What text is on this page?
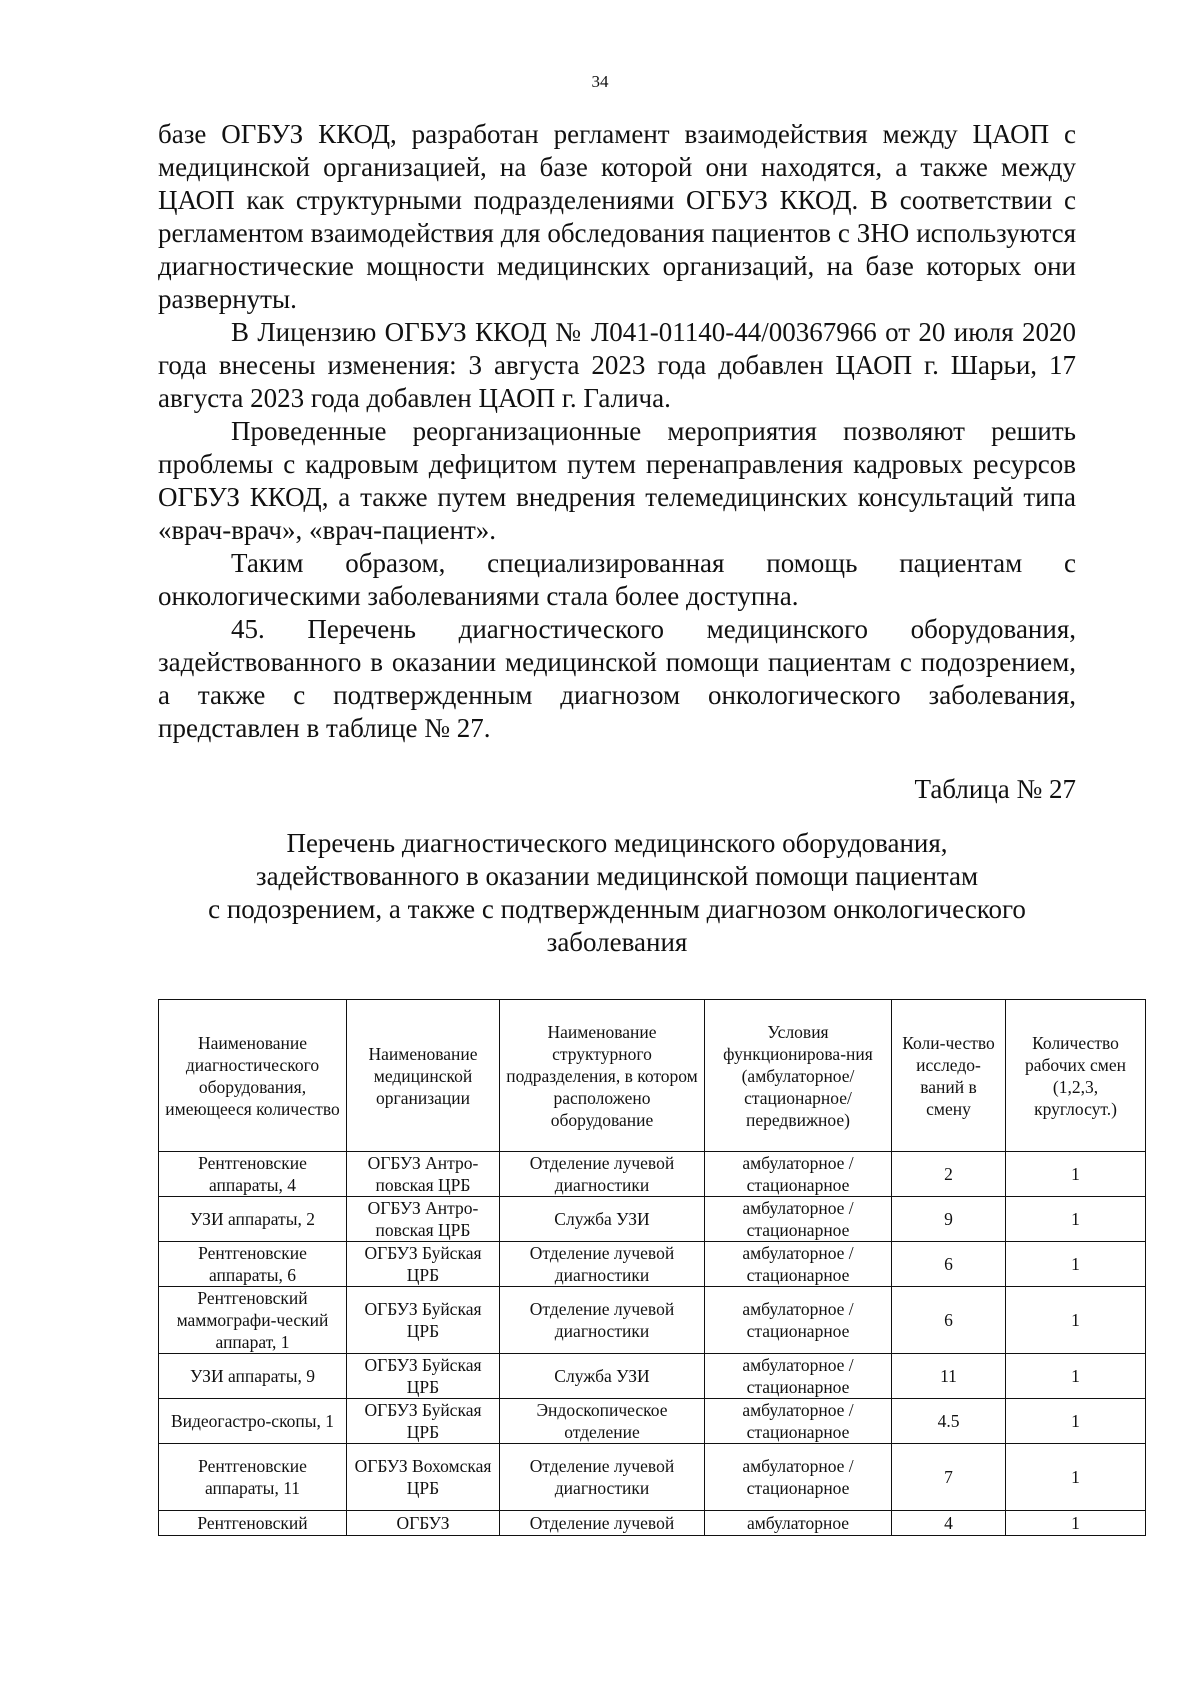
34

базе ОГБУЗ ККОД, разработан регламент взаимодействия между ЦАОП с медицинской организацией, на базе которой они находятся, а также между ЦАОП как структурными подразделениями ОГБУЗ ККОД. В соответствии с регламентом взаимодействия для обследования пациентов с ЗНО используются диагностические мощности медицинских организаций, на базе которых они развернуты.

В Лицензию ОГБУЗ ККОД № Л041-01140-44/00367966 от 20 июля 2020 года внесены изменения: 3 августа 2023 года добавлен ЦАОП г. Шарьи, 17 августа 2023 года добавлен ЦАОП г. Галича.

Проведенные реорганизационные мероприятия позволяют решить проблемы с кадровым дефицитом путем перенаправления кадровых ресурсов ОГБУЗ ККОД, а также путем внедрения телемедицинских консультаций типа «врач-врач», «врач-пациент».

Таким образом, специализированная помощь пациентам с онкологическими заболеваниями стала более доступна.

45. Перечень диагностического медицинского оборудования, задействованного в оказании медицинской помощи пациентам с подозрением, а также с подтвержденным диагнозом онкологического заболевания, представлен в таблице № 27.

Таблица № 27
Перечень диагностического медицинского оборудования,
задействованного в оказании медицинской помощи пациентам
с подозрением, а также с подтвержденным диагнозом онкологического
заболевания
Наименование диагностического оборудования, имеющееся количество	Наименование медицинской организации	Наименование структурного подразделения, в котором расположено оборудование	Условия функционирова-ния (амбулаторное/ стационарное/ передвижное)	Коли-чество исследо-ваний в смену	Количество рабочих смен (1,2,3, круглосут.)
Рентгеновские аппараты, 4	ОГБУЗ Антро-повская ЦРБ	Отделение лучевой диагностики	амбулаторное /стационарное	2	1
УЗИ аппараты, 2	ОГБУЗ Антро-повская ЦРБ	Служба УЗИ	амбулаторное /стационарное	9	1
Рентгеновские аппараты, 6	ОГБУЗ Буйская ЦРБ	Отделение лучевой диагностики	амбулаторное /стационарное	6	1
Рентгеновский маммографи-ческий аппарат, 1	ОГБУЗ Буйская ЦРБ	Отделение лучевой диагностики	амбулаторное /стационарное	6	1
УЗИ аппараты, 9	ОГБУЗ Буйская ЦРБ	Служба УЗИ	амбулаторное /стационарное	11	1
Видеогастро-скопы, 1	ОГБУЗ Буйская ЦРБ	Эндоскопическое отделение	амбулаторное /стационарное	4.5	1
Рентгеновские аппараты, 11	ОГБУЗ Вохомская ЦРБ	Отделение лучевой диагностики	амбулаторное /стационарное	7	1
Рентгеновский	ОГБУЗ	Отделение лучевой	амбулаторное	4	1
